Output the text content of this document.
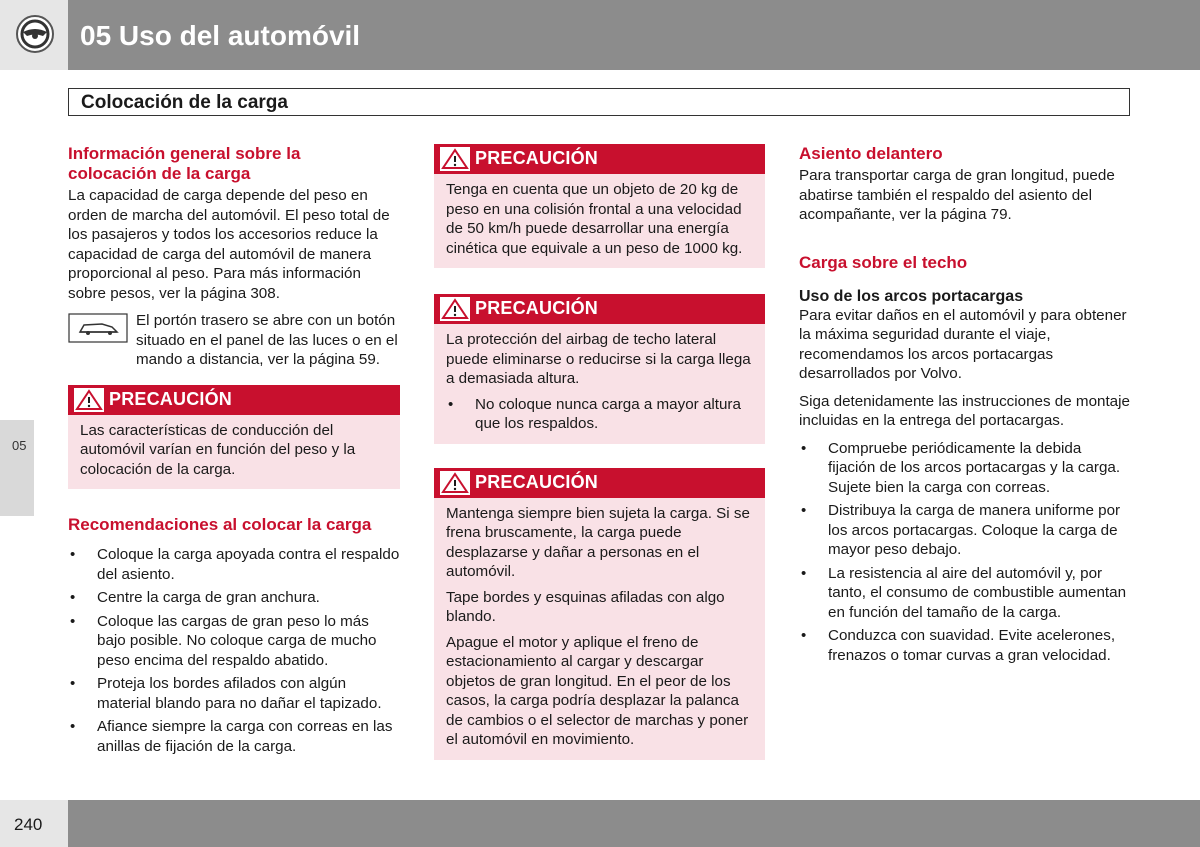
05 Uso del automóvil
Colocación de la carga
05
Información general sobre la colocación de la carga

La capacidad de carga depende del peso en orden de marcha del automóvil. El peso total de los pasajeros y todos los accesorios reduce la capacidad de carga del automóvil de manera proporcional al peso. Para más información sobre pesos, ver la página 308.

El portón trasero se abre con un botón situado en el panel de las luces o en el mando a distancia, ver la página 59.

PRECAUCIÓN

Las características de conducción del automóvil varían en función del peso y la colocación de la carga.

Recomendaciones al colocar la carga
• Coloque la carga apoyada contra el respaldo del asiento.
• Centre la carga de gran anchura.
• Coloque las cargas de gran peso lo más bajo posible. No coloque carga de mucho peso encima del respaldo abatido.
• Proteja los bordes afilados con algún material blando para no dañar el tapizado.
• Afiance siempre la carga con correas en las anillas de fijación de la carga.
PRECAUCIÓN

Tenga en cuenta que un objeto de 20 kg de peso en una colisión frontal a una velocidad de 50 km/h puede desarrollar una energía cinética que equivale a un peso de 1000 kg.

PRECAUCIÓN

La protección del airbag de techo lateral puede eliminarse o reducirse si la carga llega a demasiada altura.

• No coloque nunca carga a mayor altura que los respaldos.
PRECAUCIÓN

Mantenga siempre bien sujeta la carga. Si se frena bruscamente, la carga puede desplazarse y dañar a personas en el automóvil.

Tape bordes y esquinas afiladas con algo blando.

Apague el motor y aplique el freno de estacionamiento al cargar y descargar objetos de gran longitud. En el peor de los casos, la carga podría desplazar la palanca de cambios o el selector de marchas y poner el automóvil en movimiento.

Asiento delantero

Para transportar carga de gran longitud, puede abatirse también el respaldo del asiento del acompañante, ver la página 79.

Carga sobre el techo
Uso de los arcos portacargas

Para evitar daños en el automóvil y para obtener la máxima seguridad durante el viaje, recomendamos los arcos portacargas desarrollados por Volvo.

Siga detenidamente las instrucciones de montaje incluidas en la entrega del portacargas.

• Compruebe periódicamente la debida fijación de los arcos portacargas y la carga. Sujete bien la carga con correas.
• Distribuya la carga de manera uniforme por los arcos portacargas. Coloque la carga de mayor peso debajo.
• La resistencia al aire del automóvil y, por tanto, el consumo de combustible aumentan en función del tamaño de la carga.
• Conduzca con suavidad. Evite acelerones, frenazos o tomar curvas a gran velocidad.
240
